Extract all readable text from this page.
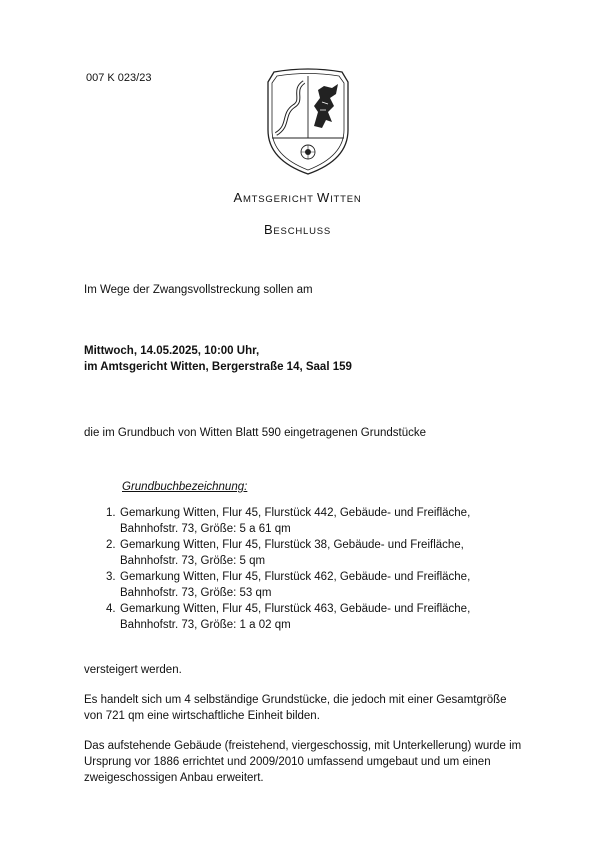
007 K 023/23
AMTSGERICHT WITTEN
BESCHLUSS
Im Wege der Zwangsvollstreckung sollen am
Mittwoch, 14.05.2025, 10:00 Uhr,
im Amtsgericht Witten, Bergerstraße 14, Saal 159
die im Grundbuch von Witten Blatt 590 eingetragenen Grundstücke
Grundbuchbezeichnung:
1. Gemarkung Witten, Flur 45, Flurstück 442, Gebäude- und Freifläche,
Bahnhofstr. 73, Größe: 5 a 61 qm
2. Gemarkung Witten, Flur 45, Flurstück 38, Gebäude- und Freifläche,
Bahnhofstr. 73, Größe: 5 qm
3. Gemarkung Witten, Flur 45, Flurstück 462, Gebäude- und Freifläche,
Bahnhofstr. 73, Größe: 53 qm
4. Gemarkung Witten, Flur 45, Flurstück 463, Gebäude- und Freifläche,
Bahnhofstr. 73, Größe: 1 a 02 qm
versteigert werden.
Es handelt sich um 4 selbständige Grundstücke, die jedoch mit einer Gesamtgröße von 721 qm eine wirtschaftliche Einheit bilden.
Das aufstehende Gebäude (freistehend, viergeschossig, mit Unterkellerung) wurde im Ursprung vor 1886 errichtet und 2009/2010 umfassend umgebaut und um einen zweigeschossigen Anbau erweitert.
